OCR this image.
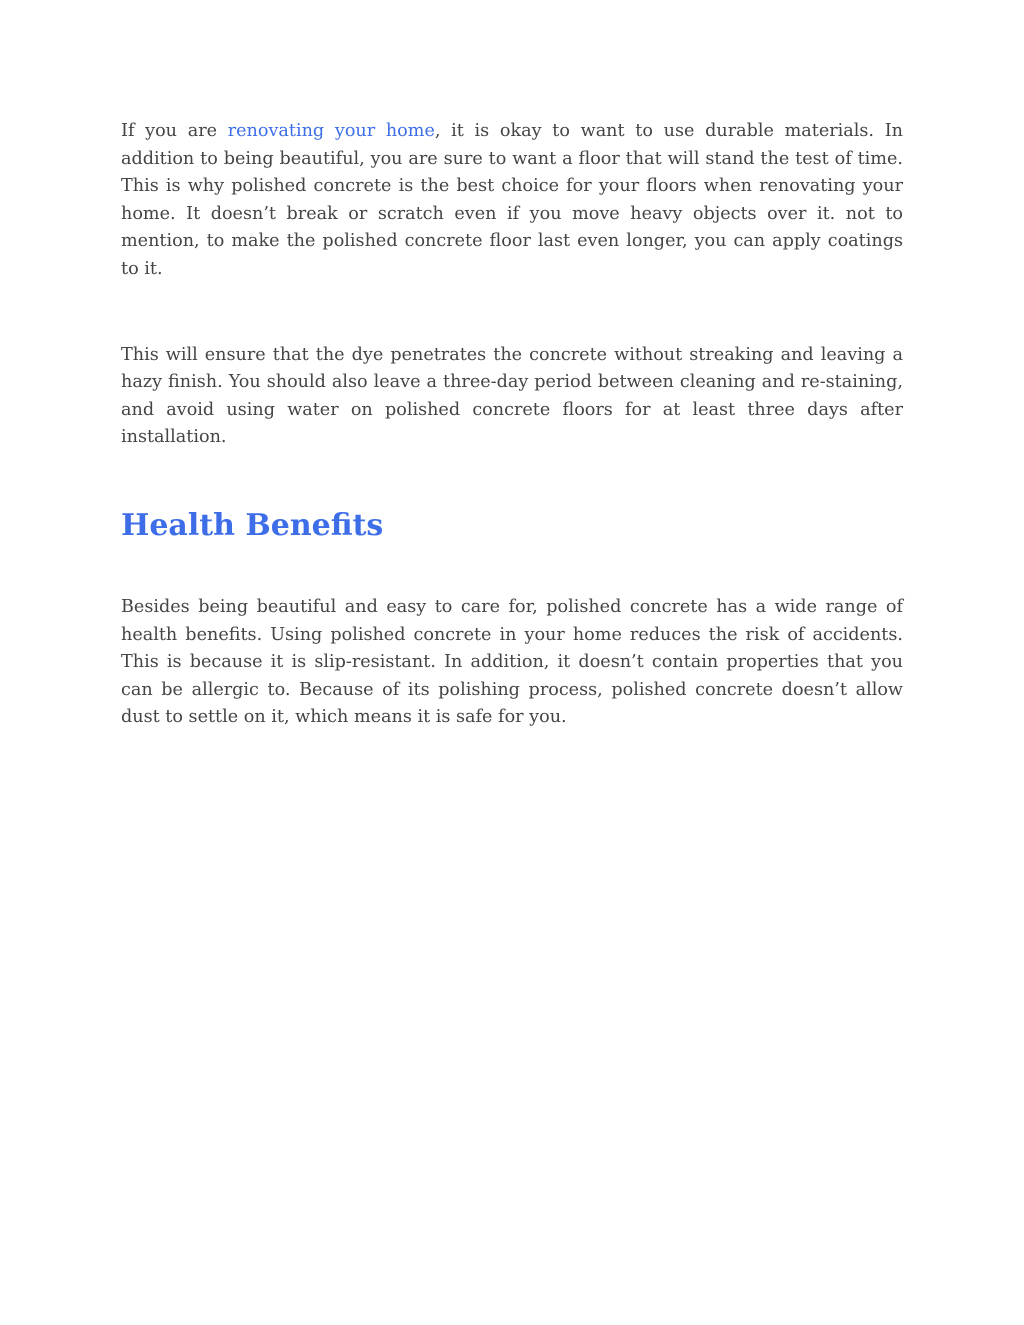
If you are renovating your home, it is okay to want to use durable materials. In addition to being beautiful, you are sure to want a floor that will stand the test of time. This is why polished concrete is the best choice for your floors when renovating your home. It doesn’t break or scratch even if you move heavy objects over it. not to mention, to make the polished concrete floor last even longer, you can apply coatings to it.

This will ensure that the dye penetrates the concrete without streaking and leaving a hazy finish. You should also leave a three-day period between cleaning and re-staining, and avoid using water on polished concrete floors for at least three days after installation.

Health Benefits

Besides being beautiful and easy to care for, polished concrete has a wide range of health benefits. Using polished concrete in your home reduces the risk of accidents. This is because it is slip-resistant. In addition, it doesn’t contain properties that you can be allergic to. Because of its polishing process, polished concrete doesn’t allow dust to settle on it, which means it is safe for you.
